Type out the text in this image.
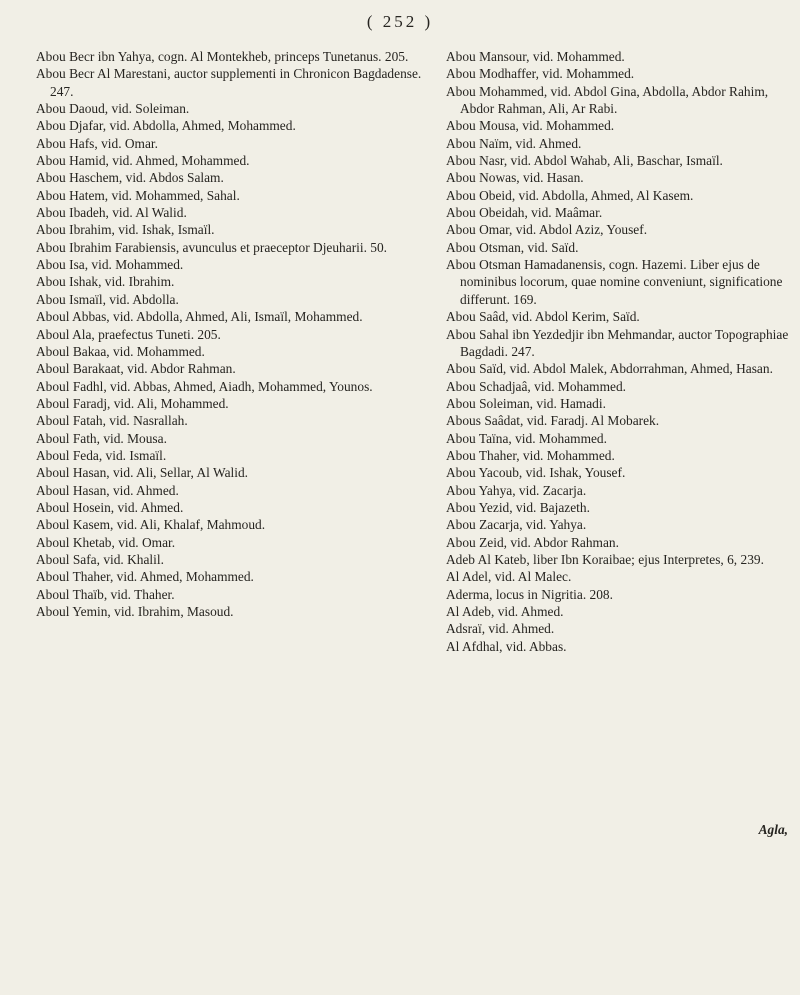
( 252 )
Abou Becr ibn Yahya, cogn. Al Montekheb, princeps Tunetanus. 205.
Abou Becr Al Marestani, auctor supplementi in Chronicon Bagdadense. 247.
Abou Daoud, vid. Soleiman.
Abou Djafar, vid. Abdolla, Ahmed, Mohammed.
Abou Hafs, vid. Omar.
Abou Hamid, vid. Ahmed, Mohammed.
Abou Haschem, vid. Abdos Salam.
Abou Hatem, vid. Mohammed, Sahal.
Abou Ibadeh, vid. Al Walid.
Abou Ibrahim, vid. Ishak, Ismaïl.
Abou Ibrahim Farabiensis, avunculus et praeceptor Djeuharii. 50.
Abou Isa, vid. Mohammed.
Abou Ishak, vid. Ibrahim.
Abou Ismaïl, vid. Abdolla.
Aboul Abbas, vid. Abdolla, Ahmed, Ali, Ismaïl, Mohammed.
Aboul Ala, praefectus Tuneti. 205.
Aboul Bakaa, vid. Mohammed.
Aboul Barakaat, vid. Abdor Rahman.
Aboul Fadhl, vid. Abbas, Ahmed, Aiadh, Mohammed, Younos.
Aboul Faradj, vid. Ali, Mohammed.
Aboul Fatah, vid. Nasrallah.
Aboul Fath, vid. Mousa.
Aboul Feda, vid. Ismaïl.
Aboul Hasan, vid. Ali, Sellar, Al Walid.
Aboul Hasan, vid. Ahmed.
Aboul Hosein, vid. Ahmed.
Aboul Kasem, vid. Ali, Khalaf, Mahmoud.
Aboul Khetab, vid. Omar.
Aboul Safa, vid. Khalil.
Aboul Thaher, vid. Ahmed, Mohammed.
Aboul Thaïb, vid. Thaher.
Aboul Yemin, vid. Ibrahim, Masoud.
Abou Mansour, vid. Mohammed.
Abou Modhaffer, vid. Mohammed.
Abou Mohammed, vid. Abdol Gina, Abdolla, Abdor Rahim, Abdor Rahman, Ali, Ar Rabi.
Abou Mousa, vid. Mohammed.
Abou Naïm, vid. Ahmed.
Abou Nasr, vid. Abdol Wahab, Ali, Baschar, Ismaïl.
Abou Nowas, vid. Hasan.
Abou Obeid, vid. Abdolla, Ahmed, Al Kasem.
Abou Obeidah, vid. Maâmar.
Abou Omar, vid. Abdol Aziz, Yousef.
Abou Otsman, vid. Saïd.
Abou Otsman Hamadanensis, cogn. Hazemi. Liber ejus de nominibus locorum, quae nomine conveniunt, significatione differunt. 169.
Abou Saâd, vid. Abdol Kerim, Saïd.
Abou Sahal ibn Yezdedjir ibn Mehmandar, auctor Topographiae Bagdadi. 247.
Abou Saïd, vid. Abdol Malek, Abdorrahman, Ahmed, Hasan.
Abou Schadjaâ, vid. Mohammed.
Abou Soleiman, vid. Hamadi.
Abous Saâdat, vid. Faradj. Al Mobarek.
Abou Taïna, vid. Mohammed.
Abou Thaher, vid. Mohammed.
Abou Yacoub, vid. Ishak, Yousef.
Abou Yahya, vid. Zacarja.
Abou Yezid, vid. Bajazeth.
Abou Zacarja, vid. Yahya.
Abou Zeid, vid. Abdor Rahman.
Adeb Al Kateb, liber Ibn Koraibae; ejus Interpretes, 6, 239.
Al Adel, vid. Al Malec.
Aderma, locus in Nigritia. 208.
Al Adeb, vid. Ahmed.
Adsraï, vid. Ahmed.
Al Afdhal, vid. Abbas.
Agla,
